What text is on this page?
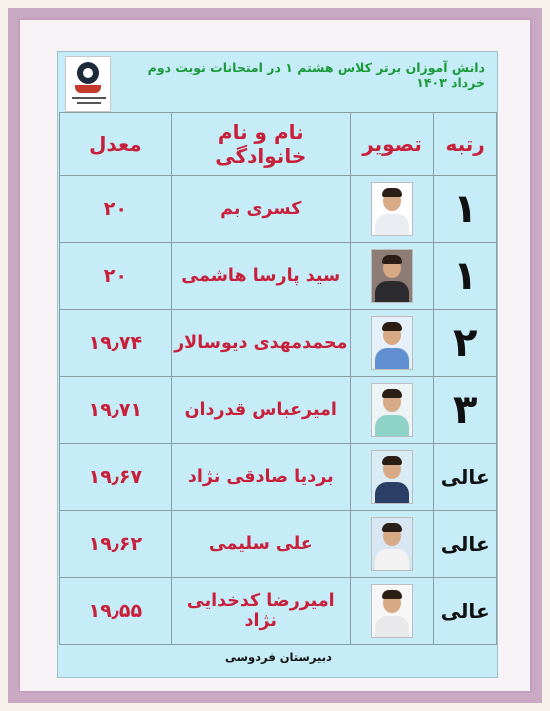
دانش آموزان برتر کلاس هشتم ۱ در امتحانات نوبت دوم خرداد ۱۴۰۳
رتبه	تصویر	نام و نام خانوادگی	معدل
۱		کسری بم	۲۰
۱		سید پارسا هاشمی	۲۰
۲		محمدمهدی دیوسالار	۱۹٫۷۴
۳		امیرعباس قدردان	۱۹٫۷۱
عالی		بردیا صادقی نژاد	۱۹٫۶۷
عالی		علی سلیمی	۱۹٫۶۲
عالی		امیررضا کدخدایی نژاد	۱۹٫۵۵
دبیرستان فردوسی
